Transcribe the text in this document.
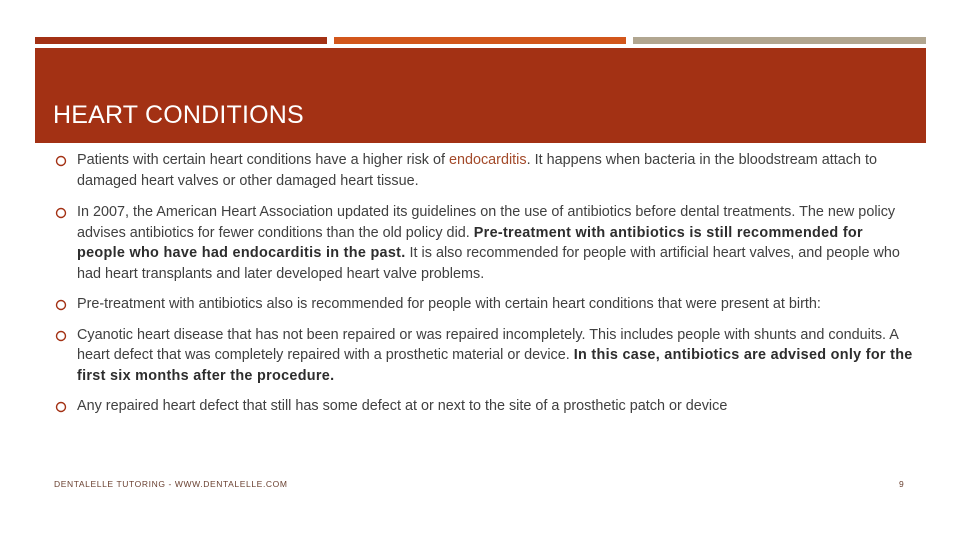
HEART CONDITIONS
Patients with certain heart conditions have a higher risk of endocarditis. It happens when bacteria in the bloodstream attach to damaged heart valves or other damaged heart tissue.
In 2007, the American Heart Association updated its guidelines on the use of antibiotics before dental treatments. The new policy advises antibiotics for fewer conditions than the old policy did. Pre-treatment with antibiotics is still recommended for people who have had endocarditis in the past. It is also recommended for people with artificial heart valves, and people who had heart transplants and later developed heart valve problems.
Pre-treatment with antibiotics also is recommended for people with certain heart conditions that were present at birth:
Cyanotic heart disease that has not been repaired or was repaired incompletely. This includes people with shunts and conduits. A heart defect that was completely repaired with a prosthetic material or device. In this case, antibiotics are advised only for the first six months after the procedure.
Any repaired heart defect that still has some defect at or next to the site of a prosthetic patch or device
DENTALELLE TUTORING - WWW.DENTALELLE.COM	9
